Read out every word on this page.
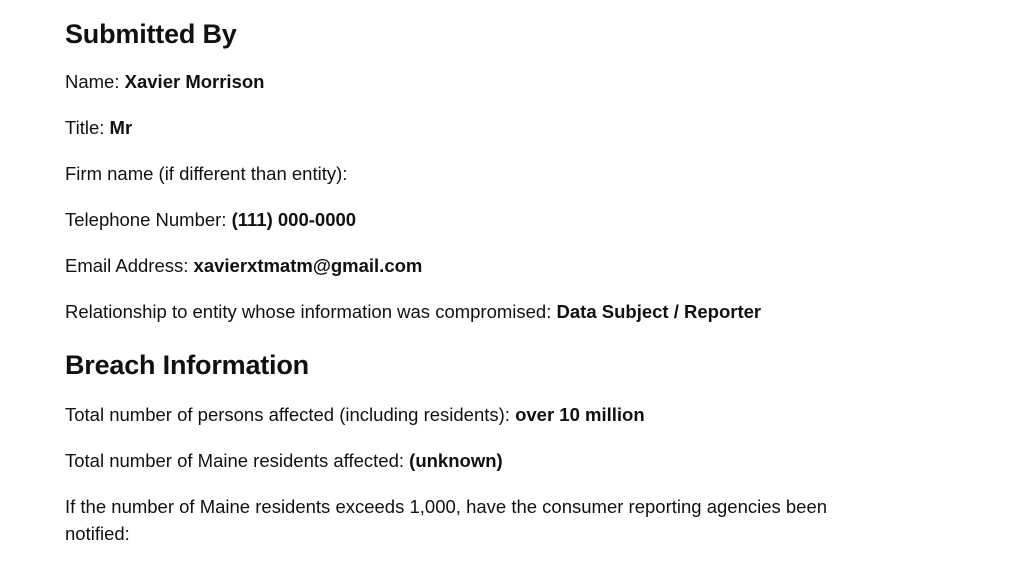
Submitted By

Name: Xavier Morrison

Title: Mr

Firm name (if different than entity):

Telephone Number: (111) 000-0000

Email Address: xavierxtmatm@gmail.com

Relationship to entity whose information was compromised: Data Subject / Reporter

Breach Information

Total number of persons affected (including residents): over 10 million

Total number of Maine residents affected: (unknown)

If the number of Maine residents exceeds 1,000, have the consumer reporting agencies been notified:
